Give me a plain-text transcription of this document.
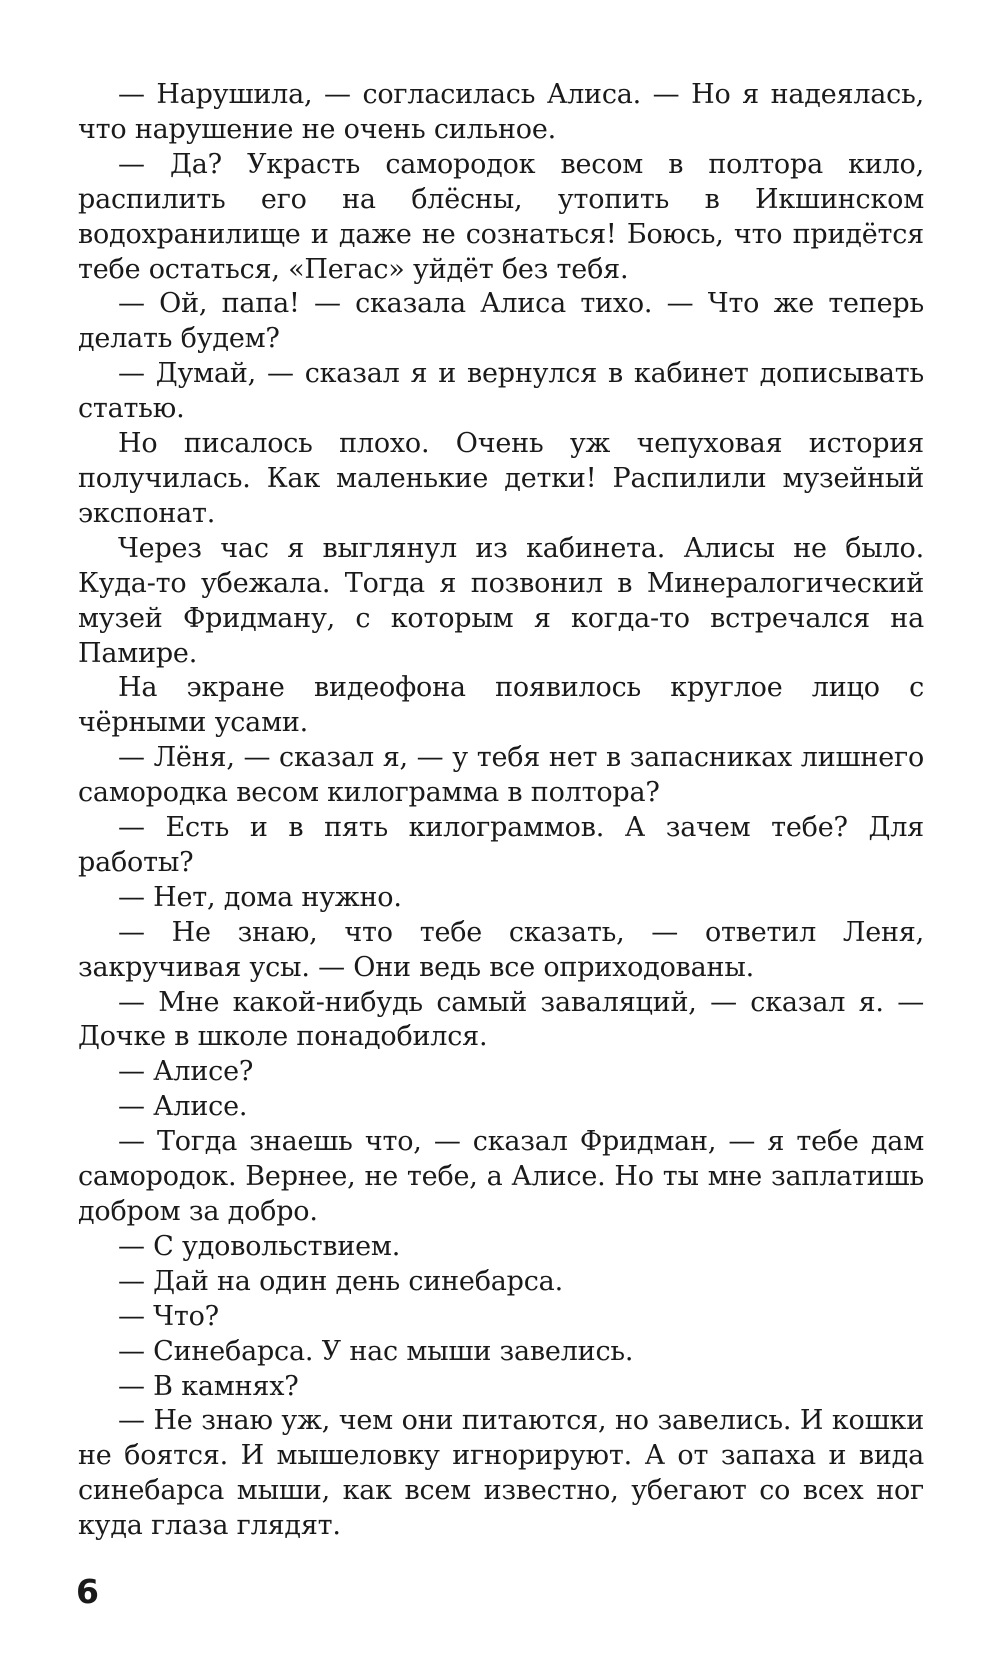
— Нарушила, — согласилась Алиса. — Но я надеялась, что нарушение не очень сильное.

— Да? Украсть самородок весом в полтора кило, распилить его на блёсны, утопить в Икшинском водохранилище и даже не сознаться! Боюсь, что придётся тебе остаться, «Пегас» уйдёт без тебя.

— Ой, папа! — сказала Алиса тихо. — Что же теперь делать будем?

— Думай, — сказал я и вернулся в кабинет дописывать статью.

Но писалось плохо. Очень уж чепуховая история получилась. Как маленькие детки! Распилили музейный экспонат.

Через час я выглянул из кабинета. Алисы не было. Куда-то убежала. Тогда я позвонил в Минералогический музей Фридману, с которым я когда-то встречался на Памире.

На экране видеофона появилось круглое лицо с чёрными усами.

— Лёня, — сказал я, — у тебя нет в запасниках лишнего самородка весом килограмма в полтора?

— Есть и в пять килограммов. А зачем тебе? Для работы?

— Нет, дома нужно.

— Не знаю, что тебе сказать, — ответил Леня, закручивая усы. — Они ведь все оприходованы.

— Мне какой-нибудь самый заваляций, — сказал я. — Дочке в школе понадобился.

— Алисе?

— Алисе.

— Тогда знаешь что, — сказал Фридман, — я тебе дам самородок. Вернее, не тебе, а Алисе. Но ты мне заплатишь добром за добро.

— С удовольствием.

— Дай на один день синебарса.

— Что?

— Синебарса. У нас мыши завелись.

— В камнях?

— Не знаю уж, чем они питаются, но завелись. И кошки не боятся. И мышеловку игнорируют. А от запаха и вида синебарса мыши, как всем известно, убегают со всех ног куда глаза глядят.

6
